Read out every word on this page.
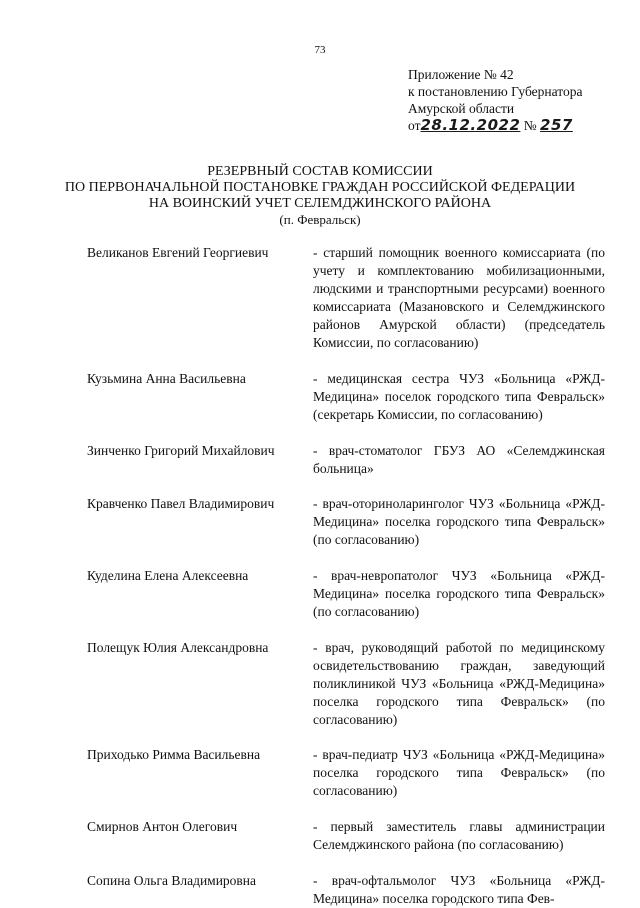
73
Приложение № 42
к постановлению Губернатора
Амурской области
от28.12.2022 № 257
РЕЗЕРВНЫЙ СОСТАВ КОМИССИИ
ПО ПЕРВОНАЧАЛЬНОЙ ПОСТАНОВКЕ ГРАЖДАН РОССИЙСКОЙ ФЕДЕРАЦИИ
НА ВОИНСКИЙ УЧЕТ СЕЛЕМДЖИНСКОГО РАЙОНА
(п. Февральск)
Великанов Евгений Георгиевич	- старший помощник военного комиссариата (по учету и комплектованию мобилизационными, людскими и транспортными ресурсами) военного комиссариата (Мазановского и Селемджинского районов Амурской области) (председатель Комиссии, по согласованию)
Кузьмина Анна Васильевна	- медицинская сестра ЧУЗ «Больница «РЖД-Медицина» поселок городского типа Февральск» (секретарь Комиссии, по согласованию)
Зинченко Григорий Михайлович	- врач-стоматолог ГБУЗ АО «Селемджинская больница»
Кравченко Павел Владимирович	- врач-оториноларинголог ЧУЗ «Больница «РЖД-Медицина» поселка городского типа Февральск» (по согласованию)
Куделина Елена Алексеевна	- врач-невропатолог ЧУЗ «Больница «РЖД-Медицина» поселка городского типа Февральск» (по согласованию)
Полещук Юлия Александровна	- врач, руководящий работой по медицинскому освидетельствованию граждан, заведующий поликлиникой ЧУЗ «Больница «РЖД-Медицина» поселка городского типа Февральск» (по согласованию)
Приходько Римма Васильевна	- врач-педиатр ЧУЗ «Больница «РЖД-Медицина» поселка городского типа Февральск» (по согласованию)
Смирнов Антон Олегович	- первый заместитель главы администрации Селемджинского района (по согласованию)
Сопина Ольга Владимировна	- врач-офтальмолог ЧУЗ «Больница «РЖД-Медицина» поселка городского типа Фев-
